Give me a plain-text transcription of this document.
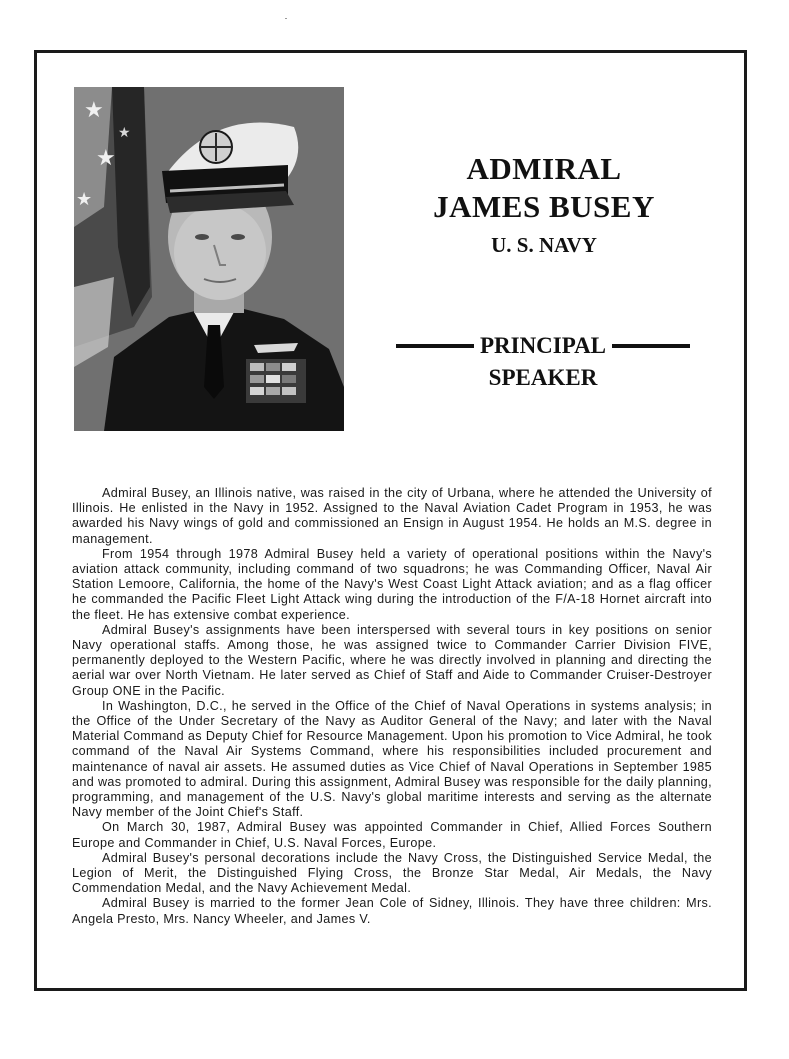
★
★
★
★
ADMIRAL
JAMES BUSEY
U. S. NAVY
PRINCIPAL
SPEAKER

Admiral Busey, an Illinois native, was raised in the city of Urbana, where he attended the University of Illinois. He enlisted in the Navy in 1952. Assigned to the Naval Aviation Cadet Program in 1953, he was awarded his Navy wings of gold and commissioned an Ensign in August 1954. He holds an M.S. degree in management.

From 1954 through 1978 Admiral Busey held a variety of operational positions within the Navy's aviation attack community, including command of two squadrons; he was Commanding Officer, Naval Air Station Lemoore, California, the home of the Navy's West Coast Light Attack aviation; and as a flag officer he commanded the Pacific Fleet Light Attack wing during the introduction of the F/A-18 Hornet aircraft into the fleet. He has extensive combat experience.

Admiral Busey's assignments have been interspersed with several tours in key positions on senior Navy operational staffs. Among those, he was assigned twice to Commander Carrier Division FIVE, permanently deployed to the Western Pacific, where he was directly involved in planning and directing the aerial war over North Vietnam. He later served as Chief of Staff and Aide to Commander Cruiser-Destroyer Group ONE in the Pacific.

In Washington, D.C., he served in the Office of the Chief of Naval Operations in systems analysis; in the Office of the Under Secretary of the Navy as Auditor General of the Navy; and later with the Naval Material Command as Deputy Chief for Resource Management. Upon his promotion to Vice Admiral, he took command of the Naval Air Systems Command, where his responsibilities included procurement and maintenance of naval air assets. He assumed duties as Vice Chief of Naval Operations in September 1985 and was promoted to admiral. During this assignment, Admiral Busey was responsible for the daily planning, programming, and management of the U.S. Navy's global maritime interests and serving as the alternate Navy member of the Joint Chief's Staff.

On March 30, 1987, Admiral Busey was appointed Commander in Chief, Allied Forces Southern Europe and Commander in Chief, U.S. Naval Forces, Europe.

Admiral Busey's personal decorations include the Navy Cross, the Distinguished Service Medal, the Legion of Merit, the Distinguished Flying Cross, the Bronze Star Medal, Air Medals, the Navy Commendation Medal, and the Navy Achievement Medal.

Admiral Busey is married to the former Jean Cole of Sidney, Illinois. They have three children: Mrs. Angela Presto, Mrs. Nancy Wheeler, and James V.
